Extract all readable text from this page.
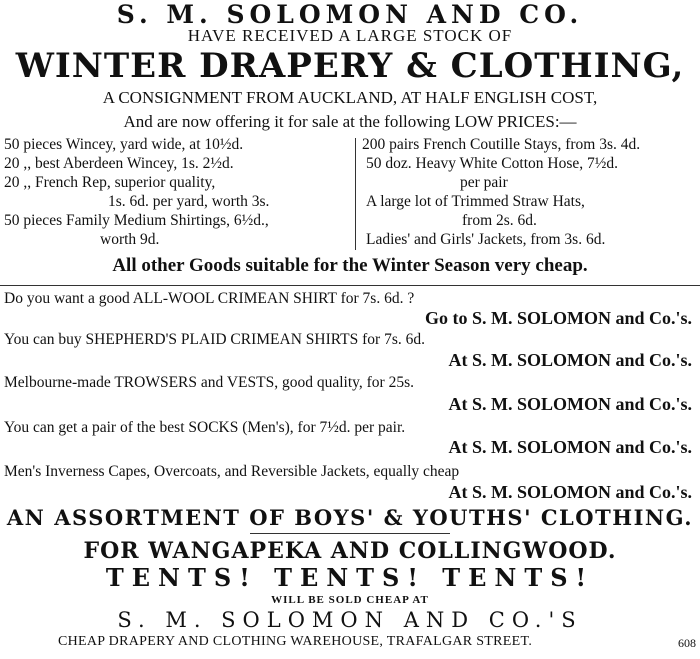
S. M. SOLOMON AND CO.
HAVE RECEIVED A LARGE STOCK OF
WINTER DRAPERY & CLOTHING,
A CONSIGNMENT FROM AUCKLAND, AT HALF ENGLISH COST,
And are now offering it for sale at the following LOW PRICES:—
50 pieces Wincey, yard wide, at 10½d.
20 ,, best Aberdeen Wincey, 1s. 2½d.
20 ,, French Rep, superior quality,
1s. 6d. per yard, worth 3s.
50 pieces Family Medium Shirtings, 6½d.,
worth 9d.
200 pairs French Coutille Stays, from 3s. 4d.
50 doz. Heavy White Cotton Hose, 7½d.
per pair
A large lot of Trimmed Straw Hats,
from 2s. 6d.
Ladies' and Girls' Jackets, from 3s. 6d.
All other Goods suitable for the Winter Season very cheap.
Do you want a good ALL-WOOL CRIMEAN SHIRT for 7s. 6d. ?
Go to S. M. SOLOMON and Co.'s.
You can buy SHEPHERD'S PLAID CRIMEAN SHIRTS for 7s. 6d.
At S. M. SOLOMON and Co.'s.
Melbourne-made TROWSERS and VESTS, good quality, for 25s.
At S. M. SOLOMON and Co.'s.
You can get a pair of the best SOCKS (Men's), for 7½d. per pair.
At S. M. SOLOMON and Co.'s.
Men's Inverness Capes, Overcoats, and Reversible Jackets, equally cheap
At S. M. SOLOMON and Co.'s.
AN ASSORTMENT OF BOYS' & YOUTHS' CLOTHING.
FOR WANGAPEKA AND COLLINGWOOD.
TENTS! TENTS! TENTS!
WILL BE SOLD CHEAP AT
S. M. SOLOMON AND CO.'S
CHEAP DRAPERY AND CLOTHING WAREHOUSE, TRAFALGAR STREET.	608
